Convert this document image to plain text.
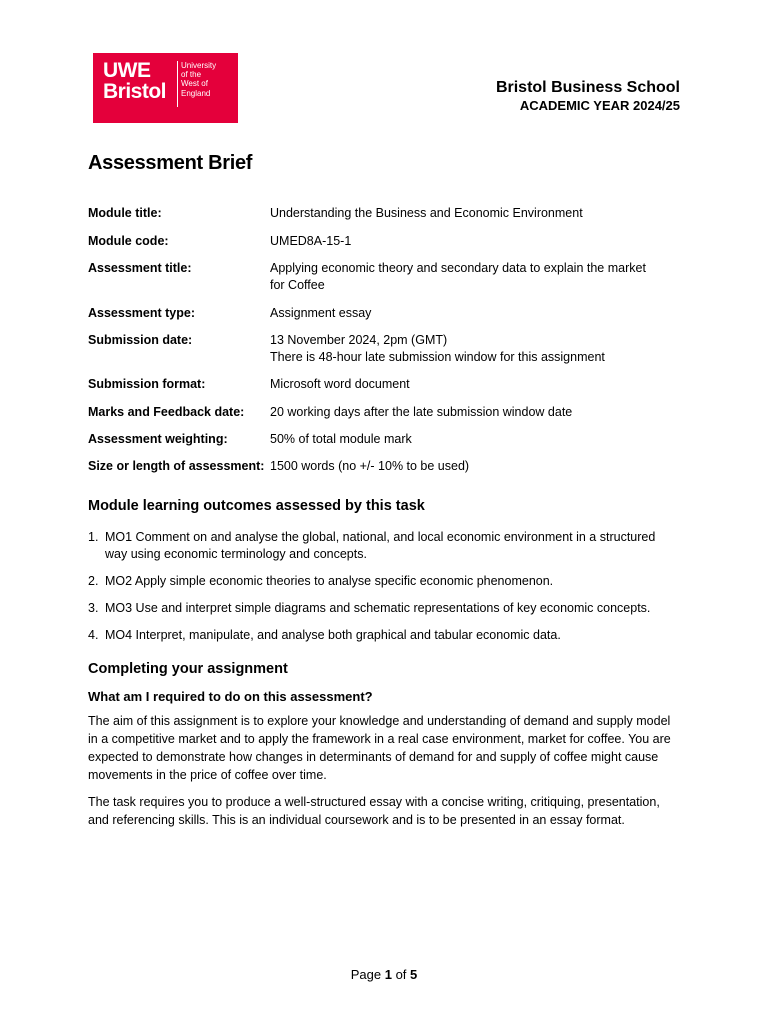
UWE
Bristol
University
of the
West of
England	Bristol Business School
ACADEMIC YEAR 2024/25
Assessment Brief
Module title:	Understanding the Business and Economic Environment
Module code:	UMED8A-15-1
Assessment title:	Applying economic theory and secondary data to explain the market
for Coffee
Assessment type:	Assignment essay
Submission date:	13 November 2024, 2pm (GMT)
There is 48-hour late submission window for this assignment
Submission format:	Microsoft word document
Marks and Feedback date:	20 working days after the late submission window date
Assessment weighting:	50% of total module mark
Size or length of assessment: 1500 words (no +/- 10% to be used)
Module learning outcomes assessed by this task
1. MO1 Comment on and analyse the global, national, and local economic environment in a structured way using economic terminology and concepts.
2. MO2 Apply simple economic theories to analyse specific economic phenomenon.
3. MO3 Use and interpret simple diagrams and schematic representations of key economic concepts.
4. MO4 Interpret, manipulate, and analyse both graphical and tabular economic data.
Completing your assignment
What am I required to do on this assessment?

The aim of this assignment is to explore your knowledge and understanding of demand and supply model in a competitive market and to apply the framework in a real case environment, market for coffee. You are expected to demonstrate how changes in determinants of demand for and supply of coffee might cause movements in the price of coffee over time.

The task requires you to produce a well-structured essay with a concise writing, critiquing, presentation, and referencing skills. This is an individual coursework and is to be presented in an essay format.

Page 1 of 5
